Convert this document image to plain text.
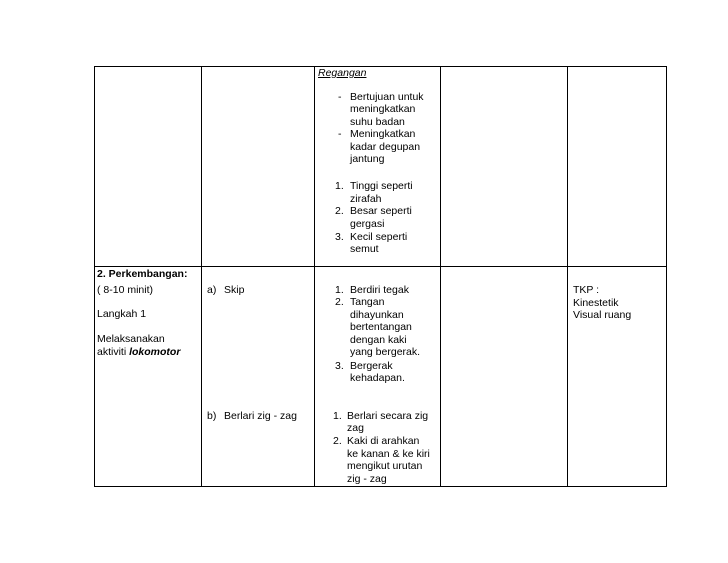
Regangan
- Bertujuan untuk
meningkatkan
suhu badan
- Meningkatkan
kadar degupan
jantung
1. Tinggi seperti
zirafah
2. Besar seperti
gergasi
3. Kecil seperti
semut
2. Perkembangan:
( 8-10 minit)
Langkah 1
Melaksanakan
aktiviti lokomotor
a) Skip
b) Berlari zig - zag
1. Berdiri tegak
2. Tangan
dihayunkan
bertentangan
dengan kaki
yang bergerak.
3. Bergerak
kehadapan.
1. Berlari secara zig
zag
2. Kaki di arahkan
ke kanan & ke kiri
mengikut urutan
zig - zag
TKP :
Kinestetik
Visual ruang
